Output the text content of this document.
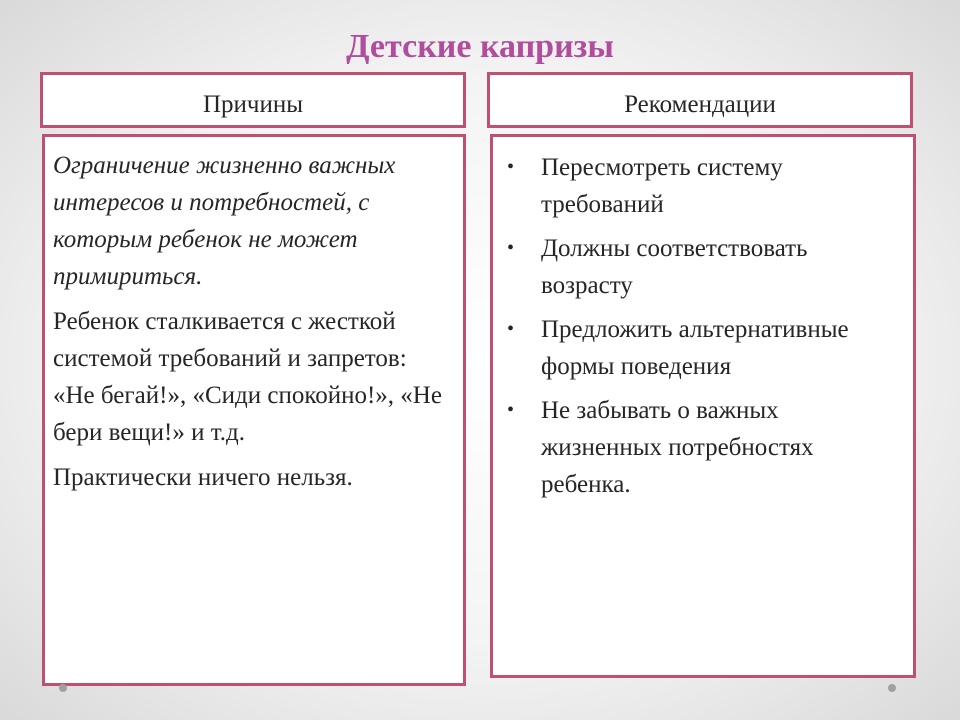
Детские капризы
Причины	Рекомендации

Ограничение жизненно важных интересов и потребностей, с которым ребенок не может примириться.

Ребенок сталкивается с жесткой системой требований и запретов: «Не бегай!», «Сиди спокойно!», «Не бери вещи!» и т.д.

Практически ничего нельзя.

• Пересмотреть систему требований
• Должны соответствовать возрасту
• Предложить альтернативные формы поведения
• Не забывать о важных жизненных потребностях ребенка.
